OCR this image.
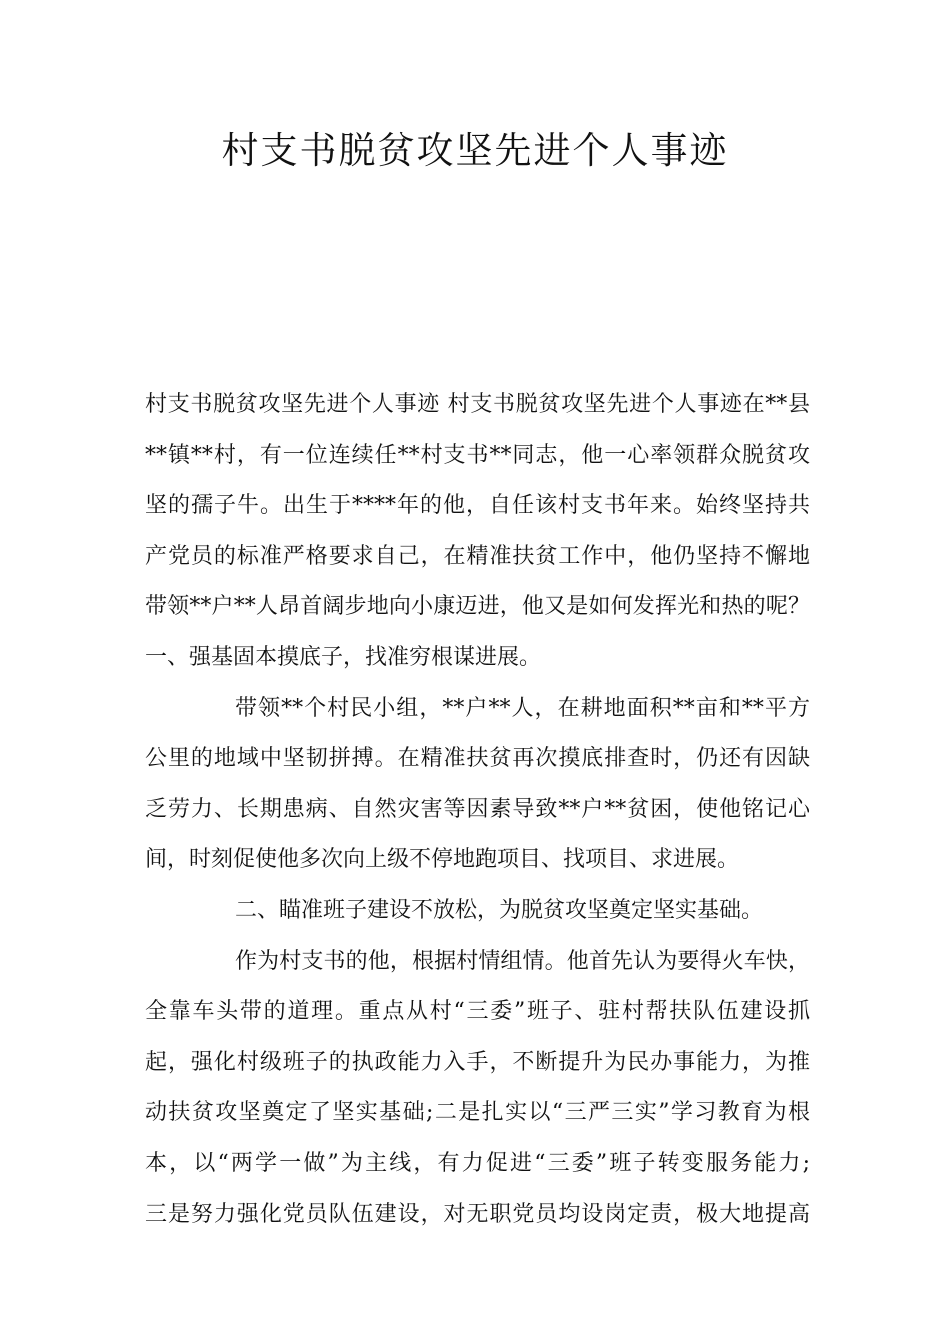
村支书脱贫攻坚先进个人事迹
村支书脱贫攻坚先进个人事迹 村支书脱贫攻坚先进个人事迹在**县
**镇**村，有一位连续任**村支书**同志，他一心率领群众脱贫攻
坚的孺子牛。出生于****年的他，自任该村支书年来。始终坚持共
产党员的标准严格要求自己，在精准扶贫工作中，他仍坚持不懈地
带领**户**人昂首阔步地向小康迈进，他又是如何发挥光和热的呢？
一、强基固本摸底子，找准穷根谋进展。
带领**个村民小组，**户**人，在耕地面积**亩和**平方
公里的地域中坚韧拼搏。在精准扶贫再次摸底排查时，仍还有因缺
乏劳力、长期患病、自然灾害等因素导致**户**贫困，使他铭记心
间，时刻促使他多次向上级不停地跑项目、找项目、求进展。
二、瞄准班子建设不放松，为脱贫攻坚奠定坚实基础。
作为村支书的他，根据村情组情。他首先认为要得火车快，
全靠车头带的道理。重点从村“三委”班子、驻村帮扶队伍建设抓
起，强化村级班子的执政能力入手，不断提升为民办事能力，为推
动扶贫攻坚奠定了坚实基础;二是扎实以“三严三实”学习教育为根
本，以“两学一做”为主线，有力促进“三委”班子转变服务能力;
三是努力强化党员队伍建设，对无职党员均设岗定责，极大地提高
